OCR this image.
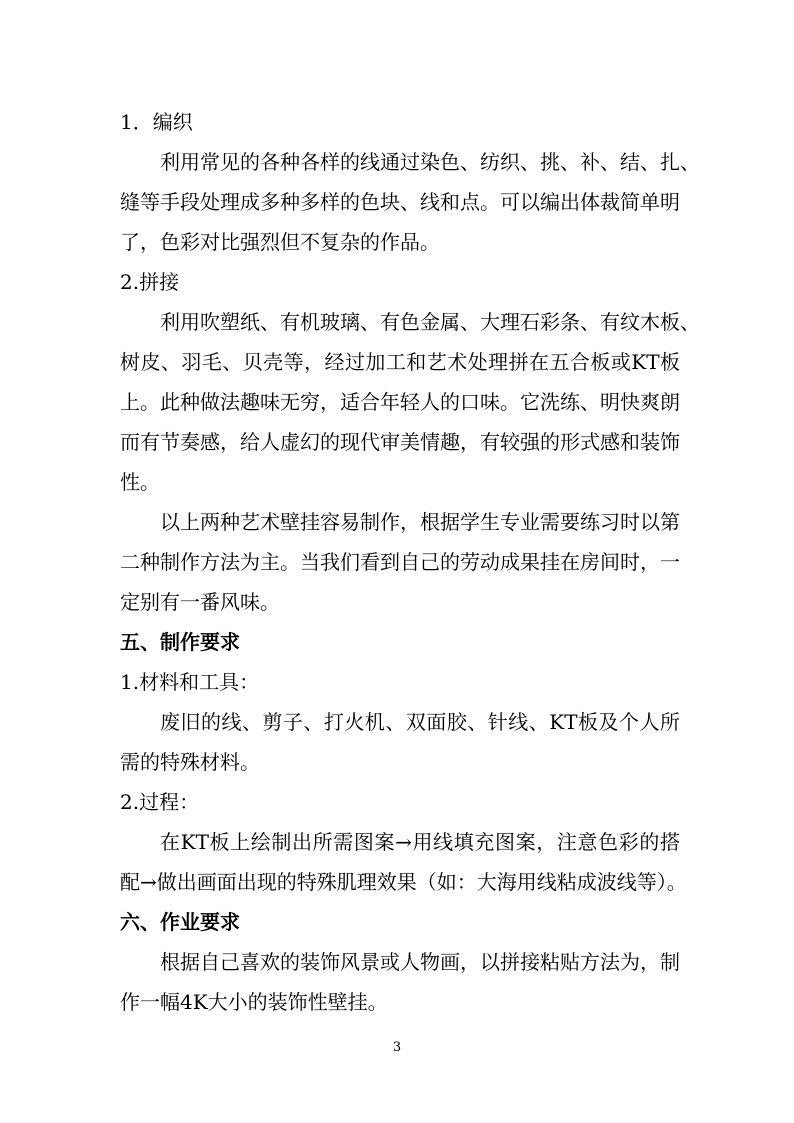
1．编织
利用常见的各种各样的线通过染色、纺织、挑、补、结、扎、
缝等手段处理成多种多样的色块、线和点。可以编出体裁简单明
了，色彩对比强烈但不复杂的作品。
2.拼接
利用吹塑纸、有机玻璃、有色金属、大理石彩条、有纹木板、
树皮、羽毛、贝壳等，经过加工和艺术处理拼在五合板或KT板
上。此种做法趣味无穷，适合年轻人的口味。它洗练、明快爽朗
而有节奏感，给人虚幻的现代审美情趣，有较强的形式感和装饰
性。
以上两种艺术壁挂容易制作，根据学生专业需要练习时以第
二种制作方法为主。当我们看到自己的劳动成果挂在房间时，一
定别有一番风味。
五、制作要求
1.材料和工具：
废旧的线、剪子、打火机、双面胶、针线、KT板及个人所
需的特殊材料。
2.过程：
在KT板上绘制出所需图案→用线填充图案，注意色彩的搭
配→做出画面出现的特殊肌理效果（如：大海用线粘成波线等）。
六、作业要求
根据自己喜欢的装饰风景或人物画，以拼接粘贴方法为，制
作一幅4K大小的装饰性壁挂。
3
